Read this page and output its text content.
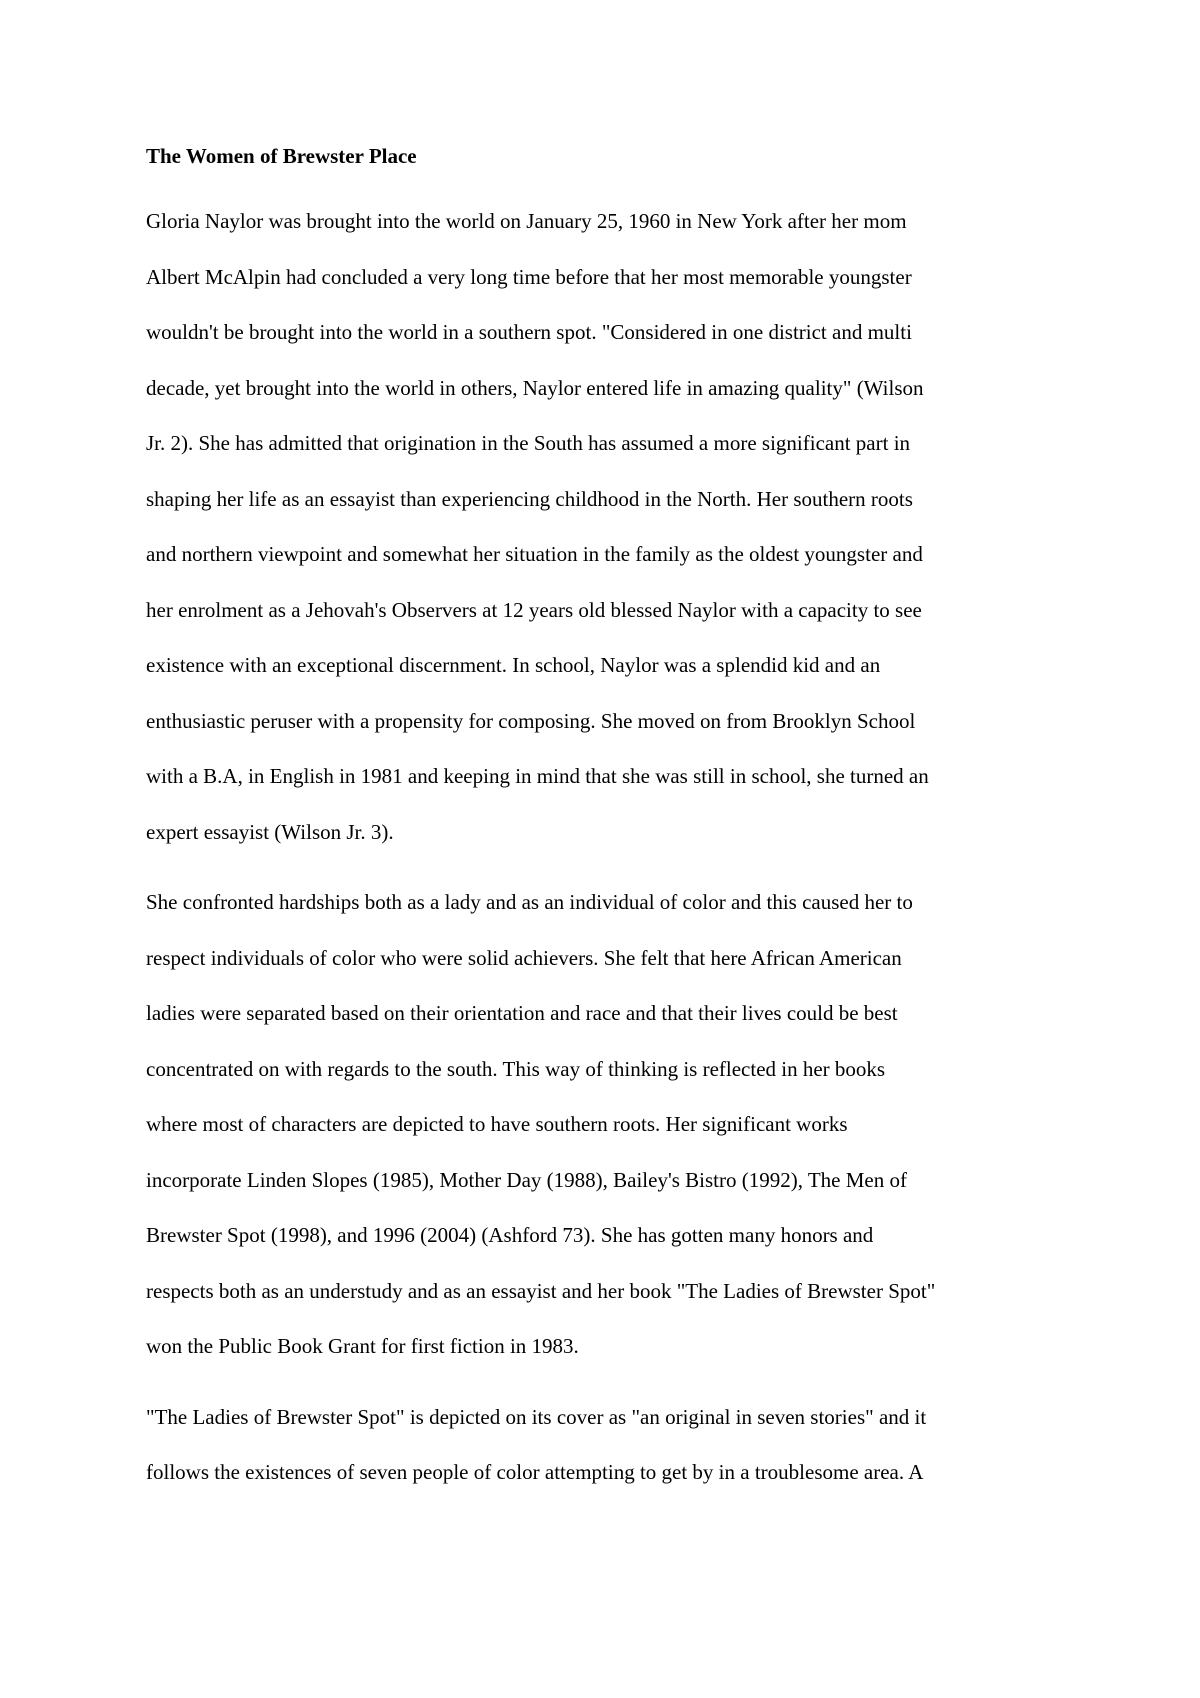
The Women of Brewster Place
Gloria Naylor was brought into the world on January 25, 1960 in New York after her mom
Albert McAlpin had concluded a very long time before that her most memorable youngster
wouldn't be brought into the world in a southern spot. "Considered in one district and multi
decade, yet brought into the world in others, Naylor entered life in amazing quality" (Wilson
Jr. 2). She has admitted that origination in the South has assumed a more significant part in
shaping her life as an essayist than experiencing childhood in the North. Her southern roots
and northern viewpoint and somewhat her situation in the family as the oldest youngster and
her enrolment as a Jehovah's Observers at 12 years old blessed Naylor with a capacity to see
existence with an exceptional discernment. In school, Naylor was a splendid kid and an
enthusiastic peruser with a propensity for composing. She moved on from Brooklyn School
with a B.A, in English in 1981 and keeping in mind that she was still in school, she turned an
expert essayist (Wilson Jr. 3).
She confronted hardships both as a lady and as an individual of color and this caused her to
respect individuals of color who were solid achievers. She felt that here African American
ladies were separated based on their orientation and race and that their lives could be best
concentrated on with regards to the south. This way of thinking is reflected in her books
where most of characters are depicted to have southern roots. Her significant works
incorporate Linden Slopes (1985), Mother Day (1988), Bailey's Bistro (1992), The Men of
Brewster Spot (1998), and 1996 (2004) (Ashford 73). She has gotten many honors and
respects both as an understudy and as an essayist and her book "The Ladies of Brewster Spot"
won the Public Book Grant for first fiction in 1983.
"The Ladies of Brewster Spot" is depicted on its cover as "an original in seven stories" and it
follows the existences of seven people of color attempting to get by in a troublesome area. A
